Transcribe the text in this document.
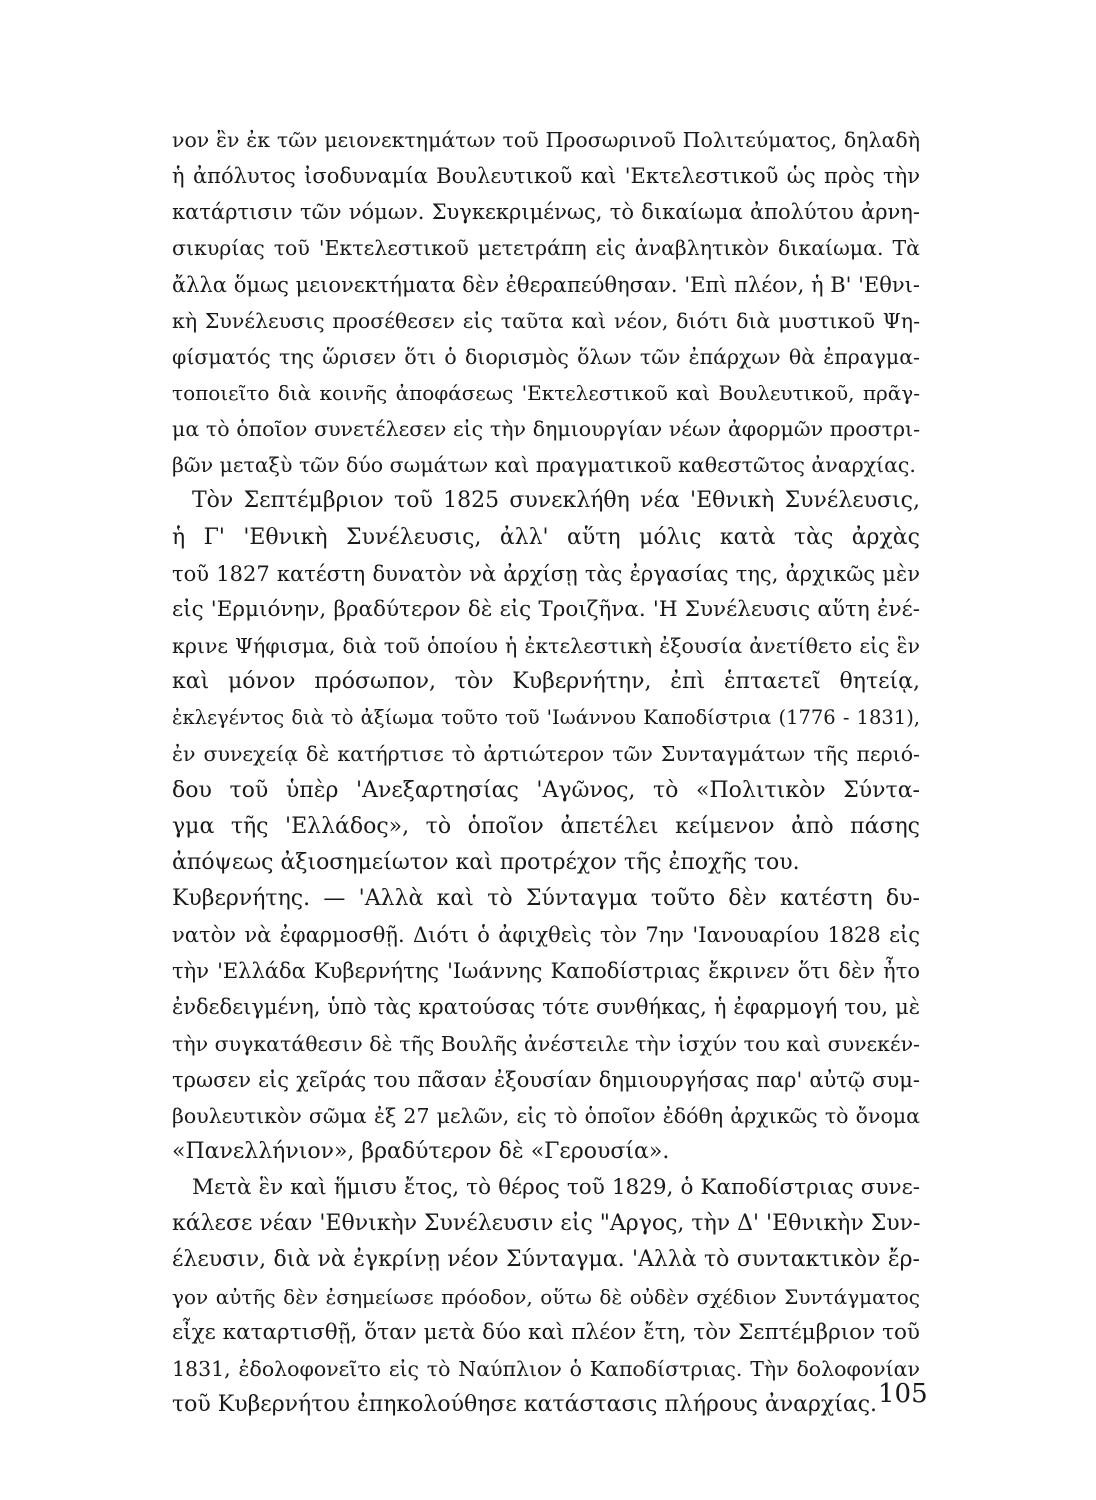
νον ἓν ἐκ τῶν μειονεκτημάτων τοῦ Προσωρινοῦ Πολιτεύματος, δηλαδὴ
ἡ ἀπόλυτος ἰσοδυναμία Βουλευτικοῦ καὶ 'Εκτελεστικοῦ ὡς πρὸς τὴν
κατάρτισιν τῶν νόμων. Συγκεκριμένως, τὸ δικαίωμα ἀπολύτου ἀρνη-
σικυρίας τοῦ 'Εκτελεστικοῦ μετετράπη εἰς ἀναβλητικὸν δικαίωμα. Τὰ
ἄλλα ὅμως μειονεκτήματα δὲν ἐθεραπεύθησαν. 'Επὶ πλέον, ἡ Β' 'Εθνι-
κὴ Συνέλευσις προσέθεσεν εἰς ταῦτα καὶ νέον, διότι διὰ μυστικοῦ Ψη-
φίσματός της ὥρισεν ὅτι ὁ διορισμὸς ὅλων τῶν ἐπάρχων θὰ ἐπραγμα-
τοποιεῖτο διὰ κοινῆς ἀποφάσεως 'Εκτελεστικοῦ καὶ Βουλευτικοῦ, πρᾶγ-
μα τὸ ὁποῖον συνετέλεσεν εἰς τὴν δημιουργίαν νέων ἀφορμῶν προστρι-
βῶν μεταξὺ τῶν δύο σωμάτων καὶ πραγματικοῦ καθεστῶτος ἀναρχίας.
Τὸν Σεπτέμβριον τοῦ 1825 συνεκλήθη νέα 'Εθνικὴ Συνέλευσις,
ἡ Γ' 'Εθνικὴ Συνέλευσις, ἀλλ' αὕτη μόλις κατὰ τὰς ἀρχὰς
τοῦ 1827 κατέστη δυνατὸν νὰ ἀρχίσῃ τὰς ἐργασίας της, ἀρχικῶς μὲν
εἰς 'Ερμιόνην, βραδύτερον δὲ εἰς Τροιζῆνα. 'Η Συνέλευσις αὕτη ἐνέ-
κρινε Ψήφισμα, διὰ τοῦ ὁποίου ἡ ἐκτελεστικὴ ἐξουσία ἀνετίθετο εἰς ἓν
καὶ μόνον πρόσωπον, τὸν Κυβερνήτην, ἐπὶ ἑπταετεῖ θητείᾳ,
ἐκλεγέντος διὰ τὸ ἀξίωμα τοῦτο τοῦ 'Ιωάννου Καποδίστρια (1776 - 1831),
ἐν συνεχείᾳ δὲ κατήρτισε τὸ ἀρτιώτερον τῶν Συνταγμάτων τῆς περιό-
δου τοῦ ὑπὲρ 'Ανεξαρτησίας 'Αγῶνος, τὸ «Πολιτικὸν Σύντα-
γμα τῆς 'Ελλάδος», τὸ ὁποῖον ἀπετέλει κείμενον ἀπὸ πάσης
ἀπόψεως ἀξιοσημείωτον καὶ προτρέχον τῆς ἐποχῆς του.
Κυβερνήτης. — 'Αλλὰ καὶ τὸ Σύνταγμα τοῦτο δὲν κατέστη δυ-
νατὸν νὰ ἐφαρμοσθῇ. Διότι ὁ ἀφιχθεὶς τὸν 7ην 'Ιανουαρίου 1828 εἰς
τὴν 'Ελλάδα Κυβερνήτης 'Ιωάννης Καποδίστριας ἔκρινεν ὅτι δὲν ἦτο
ἐνδεδειγμένη, ὑπὸ τὰς κρατούσας τότε συνθήκας, ἡ ἐφαρμογή του, μὲ
τὴν συγκατάθεσιν δὲ τῆς Βουλῆς ἀνέστειλε τὴν ἰσχύν του καὶ συνεκέν-
τρωσεν εἰς χεῖράς του πᾶσαν ἐξουσίαν δημιουργήσας παρ' αὐτῷ συμ-
βουλευτικὸν σῶμα ἐξ 27 μελῶν, εἰς τὸ ὁποῖον ἐδόθη ἀρχικῶς τὸ ὄνομα
«Πανελλήνιον», βραδύτερον δὲ «Γερουσία».
Μετὰ ἓν καὶ ἥμισυ ἔτος, τὸ θέρος τοῦ 1829, ὁ Καποδίστριας συνε-
κάλεσε νέαν 'Εθνικὴν Συνέλευσιν εἰς "Αργος, τὴν Δ' 'Εθνικὴν Συν-
έλευσιν, διὰ νὰ ἐγκρίνῃ νέον Σύνταγμα. 'Αλλὰ τὸ συντακτικὸν ἔρ-
γον αὐτῆς δὲν ἐσημείωσε πρόοδον, οὕτω δὲ οὐδὲν σχέδιον Συντάγματος
εἶχε καταρτισθῇ, ὅταν μετὰ δύο καὶ πλέον ἔτη, τὸν Σεπτέμβριον τοῦ
1831, ἐδολοφονεῖτο εἰς τὸ Ναύπλιον ὁ Καποδίστριας. Τὴν δολοφονίαν
τοῦ Κυβερνήτου ἐπηκολούθησε κατάστασις πλήρους ἀναρχίας. 105
